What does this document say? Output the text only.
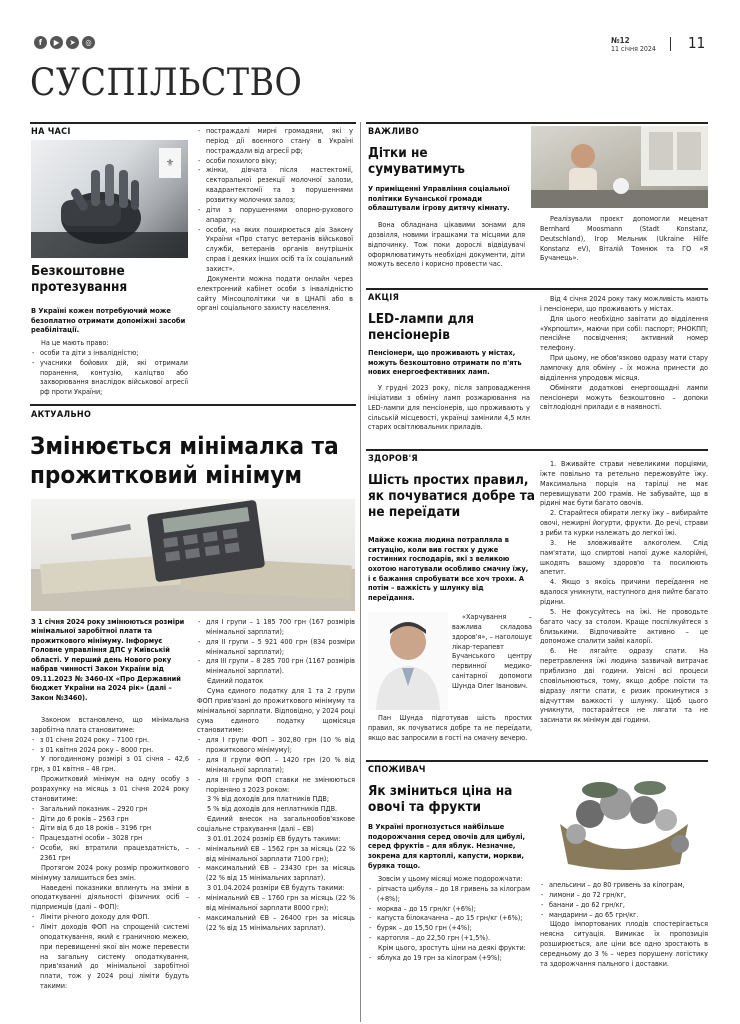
f	▶	➤	◎	№12
11 січня 2024 11
СУСПІЛЬСТВО
НА ЧАСІ
⚜
Безкоштовне протезування
В Україні кожен потребуючий може безоплатно отримати допоміжні засоби реабілітації.

На це мають право:

- особи та діти з інвалідністю;
- учасники бойових дій, які отримали поранення, контузію, каліцтво або захворювання внаслідок військової агресії рф проти України;
- постраждалі мирні громадяни, які у період дії воєнного стану в Україні постраждали від агресії рф;
- особи похилого віку;
- жінки, дівчата після мастектомії, секторальної резекції молочної залози, квадрантектомії та з порушеннями розвитку молочних залоз;
- діти з порушеннями опорно-рухового апарату;
- особи, на яких поширюється дія Закону України «Про статус ветеранів військової служби, ветеранів органів внутрішніх справ і деяких інших осіб та їх соціальний захист».

Документи можна подати онлайн через електронний кабінет особи з інвалідністю сайту Мінсоцполітики чи в ЦНАПі або в органі соціального захисту населення.

ВАЖЛИВО
Дітки не сумуватимуть
У приміщенні Управління соціальної політики Бучанської громади облаштували ігрову дитячу кімнату.

Вона обладнана цікавими зонами для дозвілля, новими іграшками та місцями для відпочинку. Тож поки дорослі відвідувачі оформлюватимуть необхідні документи, діти можуть весело і корисно провести час.

Реалізували проєкт допомогли меценат Bernhard Moosmann (Stadt Konstanz, Deutschland), Ігор Мельник (Ukraine Hilfe Konstanz eV), Віталій Томнюк та ГО «Я Бучанець».

АКЦІЯ
LED-лампи для пенсіонерів
Пенсіонери, що проживають у містах, можуть безкоштовно отримати по п'ять нових енергоефективних ламп.

У грудні 2023 року, після запровадження ініціативи з обміну ламп розжарювання на LED-лампи для пенсіонерів, що проживають у сільській місцевості, українці замінили 4,5 млн старих освітлювальних приладів.

Від 4 січня 2024 року таку можливість мають і пенсіонери, що проживають у містах.

Для цього необхідно завітати до відділення «Укрпошти», маючи при собі: паспорт; РНОКПП; пенсійне посвідчення; активний номер телефону.

При цьому, не обов'язково одразу мати стару лампочку для обміну – їх можна принести до відділення упродовж місяця.

Обміняти додаткові енергоощадні лампи пенсіонери можуть безкоштовно – допоки світлодіодні прилади є в наявності.

АКТУАЛЬНО
Змінюється мінімалка та прожитковий мінімум
З 1 січня 2024 року змінюються розміри мінімальної заробітної плати та прожиткового мінімуму. Інформує Головне управління ДПС у Київській області. У перший день Нового року набрав чинності Закон України від 09.11.2023 № 3460-IX «Про Державний бюджет України на 2024 рік» (далі – Закон №3460).

Законом встановлено, що мінімальна заробітна плата становитиме:

- з 01 січня 2024 року – 7100 грн.
- з 01 квітня 2024 року – 8000 грн.

У погодинному розмірі з 01 січня – 42,6 грн, з 01 квітня – 48 грн.

Прожитковий мінімум на одну особу з розрахунку на місяць з 01 січня 2024 року становитиме:

- Загальний показник – 2920 грн
- Діти до 6 років – 2563 грн
- Діти від 6 до 18 років – 3196 грн
- Працездатні особи – 3028 грн
- Особи, які втратили працездатність, – 2361 грн

Протягом 2024 року розмір прожиткового мінімуму залишиться без змін.

Наведені показники вплинуть на зміни в оподаткуванні діяльності фізичних осіб – підприємців (далі – ФОП):

- Ліміти річного доходу для ФОП.
- Ліміт доходів ФОП на спрощеній системі оподаткування, який є граничною межею, при перевищенні якої він може перевести на загальну систему оподаткування, прив'язаний до мінімальної заробітної плати, тож у 2024 році ліміти будуть такими:
- для І групи – 1 185 700 грн (167 розмірів мінімальної зарплати);
- для ІІ групи – 5 921 400 грн (834 розміри мінімальної зарплати);
- для ІІІ групи – 8 285 700 грн (1167 розмірів мінімальної зарплати).

Єдиний податок

Сума єдиного податку для 1 та 2 групи ФОП прив'язані до прожиткового мінімуму та мінімальної зарплати. Відповідно, у 2024 році сума єдиного податку щомісяця становитиме:

- для І групи ФОП – 302,80 грн (10 % від прожиткового мінімуму);
- для ІІ групи ФОП – 1420 грн (20 % від мінімальної зарплати);
- для ІІІ групи ФОП ставки не змінюються порівняно з 2023 роком:

3 % від доходів для платників ПДВ;

5 % від доходів для неплатників ПДВ.

Єдиний внесок на загальнообов'язкове соціальне страхування (далі – ЄВ)

3 01.01.2024 розмір ЄВ будуть такими:

- мінімальний ЄВ – 1562 грн за місяць (22 % від мінімальної зарплати 7100 грн);
- максимальний ЄВ – 23430 грн за місяць (22 % від 15 мінімальних зарплат).

3 01.04.2024 розміри ЄВ будуть такими:

- мінімальний ЄВ – 1760 грн за місяць (22 % від мінімальної зарплати 8000 грн);
- максимальний ЄВ – 26400 грн за місяць (22 % від 15 мінімальних зарплат).
ЗДОРОВ'Я
Шість простих правил, як почуватися добре та не переїдати
Майже кожна людина потрапляла в ситуацію, коли вив гостях у дуже гостинних господарів, які з великою охотою наготували особливо смачну їжу, і є бажання спробувати все хоч трохи. А потім – важкість у шлунку від переїдання.

«Харчування – важлива складова здоров'я», – наголошує лікар-терапевт Бучанського центру первинної медико-санітарної допомоги Шунда Олег Іванович.

Пан Шунда підготував шість простих правил, як почуватися добре та не переїдати, якщо вас запросили в гості на смачну вечерю.

1. Вживайте страви невеликими порціями, їжте повільно та ретельно пережовуйте їжу. Максимальна порція на тарілці не має перевищувати 200 грамів. Не забувайте, що в рідині має бути багато овочів.

2. Старайтеся обирати легку їжу – вибирайте овочі, нежирні йогурти, фрукти. До речі, страви з риби та курки належать до легкої їжі.

3. Не зловживайте алкоголем. Слід пам'ятати, що спиртові напої дуже калорійні, шкодять вашому здоров'ю та посилюють апетит.

4. Якщо з якоїсь причини переїдання не вдалося уникнути, наступного дня пийте багато рідини.

5. Не фокусуйтесь на їжі. Не проводьте багато часу за столом. Краще поспілкуйтеся з близькими. Відпочивайте активно – це допоможе спалити зайві калорії.

6. Не лягайте одразу спати. На перетравлення їжі людина зазвичай витрачає приблизно дві години. Увісні всі процеси сповільнюються, тому, якщо добре поїсти та відразу лягти спати, є ризик прокинутися з відчуттям важкості у шлунку. Щоб цього уникнути, постарайтеся не лягати та не засинати як мінімум дві години.

СПОЖИВАЧ
Як зміниться ціна на овочі та фрукти
В Україні прогнозується найбільше подорожчання серед овочів для цибулі, серед фруктів – для яблук. Незначне, зокрема для картоплі, капусти, моркви, буряка тощо.

Зовсім у цьому місяці може подорожчати:

- ріпчаста цибуля – до 18 гривень за кілограм (+8%);
- морква – до 15 грн/кг (+6%);
- капуста білокачанна – до 15 грн/кг (+6%);
- буряк – до 15,50 грн (+4%);
- картопля – до 22,50 грн (+1,5%).

Крім цього, зростуть ціни на деякі фрукти:

- яблука до 19 грн за кілограм (+9%);
- апельсини – до 80 гривень за кілограм,
- лимони – до 72 грн/кг,
- банани – до 62 грн/кг,
- мандарини – до 65 грн/кг.

Щодо імпортованих плодів спостерігається неясна ситуація. Вимикає їх пропозиція розширюється, але ціни все одно зростають в середньому до 3 % – через порушену логістику та здорожчання пального і доставки.
